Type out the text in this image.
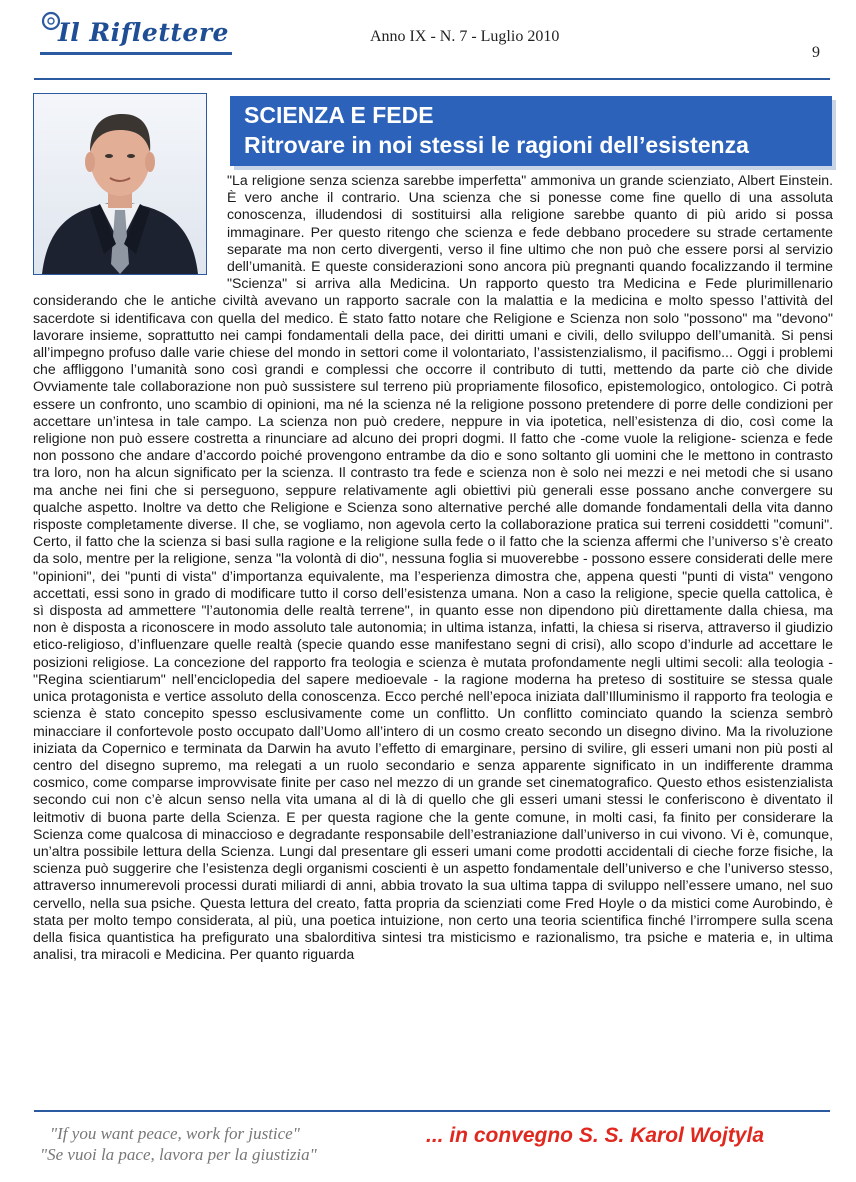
Il Riflettere	Anno IX - N. 7 - Luglio 2010
9
SCIENZA E FEDE
Ritrovare in noi stessi le ragioni dell’esistenza
"La religione senza scienza sarebbe imperfetta" ammoniva un grande scienziato, Albert Einstein. È vero anche il contrario. Una scienza che si ponesse come fine quello di una assoluta conoscenza, illudendosi di sostituirsi alla religione sarebbe quanto di più arido si possa immaginare. Per questo ritengo che scienza e fede debbano procedere su strade certamente separate ma non certo divergenti, verso il fine ultimo che non può che essere porsi al servizio dell’umanità. E queste considerazioni sono ancora più pregnanti quando focalizzando il termine "Scienza" si arriva alla Medicina. Un rapporto questo tra Medicina e Fede plurimillenario considerando che le antiche civiltà avevano un rapporto sacrale con la malattia e la medicina e molto spesso l’attività del sacerdote si identificava con quella del medico. È stato fatto notare che Religione e Scienza non solo "possono" ma "devono" lavorare insieme, soprattutto nei campi fondamentali della pace, dei diritti umani e civili, dello sviluppo dell’umanità. Si pensi all’impegno profuso dalle varie chiese del mondo in settori come il volontariato, l’assistenzialismo, il pacifismo... Oggi i problemi che affliggono l’umanità sono così grandi e complessi che occorre il contributo di tutti, mettendo da parte ciò che divide Ovviamente tale collaborazione non può sussistere sul terreno più propriamente filosofico, epistemologico, ontologico. Ci potrà essere un confronto, uno scambio di opinioni, ma né la scienza né la religione possono pretendere di porre delle condizioni per accettare un’intesa in tale campo. La scienza non può credere, neppure in via ipotetica, nell’esistenza di dio, così come la religione non può essere costretta a rinunciare ad alcuno dei propri dogmi. Il fatto che -come vuole la religione- scienza e fede non possono che andare d’accordo poiché provengono entrambe da dio e sono soltanto gli uomini che le mettono in contrasto tra loro, non ha alcun significato per la scienza. Il contrasto tra fede e scienza non è solo nei mezzi e nei metodi che si usano ma anche nei fini che si perseguono, seppure relativamente agli obiettivi più generali esse possano anche convergere su qualche aspetto. Inoltre va detto che Religione e Scienza sono alternative perché alle domande fondamentali della vita danno risposte completamente diverse. Il che, se vogliamo, non agevola certo la collaborazione pratica sui terreni cosiddetti "comuni". Certo, il fatto che la scienza si basi sulla ragione e la religione sulla fede o il fatto che la scienza affermi che l’universo s’è creato da solo, mentre per la religione, senza "la volontà di dio", nessuna foglia si muoverebbe - possono essere considerati delle mere "opinioni", dei "punti di vista" d’importanza equivalente, ma l’esperienza dimostra che, appena questi "punti di vista" vengono accettati, essi sono in grado di modificare tutto il corso dell’esistenza umana. Non a caso la religione, specie quella cattolica, è sì disposta ad ammettere "l’autonomia delle realtà terrene", in quanto esse non dipendono più direttamente dalla chiesa, ma non è disposta a riconoscere in modo assoluto tale autonomia; in ultima istanza, infatti, la chiesa si riserva, attraverso il giudizio etico-religioso, d’influenzare quelle realtà (specie quando esse manifestano segni di crisi), allo scopo d’indurle ad accettare le posizioni religiose. La concezione del rapporto fra teologia e scienza è mutata profondamente negli ultimi secoli: alla teologia - "Regina scientiarum" nell’enciclopedia del sapere medioevale - la ragione moderna ha preteso di sostituire se stessa quale unica protagonista e vertice assoluto della conoscenza. Ecco perché nell’epoca iniziata dall’Illuminismo il rapporto fra teologia e scienza è stato concepito spesso esclusivamente come un conflitto. Un conflitto cominciato quando la scienza sembrò minacciare il confortevole posto occupato dall’Uomo all’intero di un cosmo creato secondo un disegno divino. Ma la rivoluzione iniziata da Copernico e terminata da Darwin ha avuto l’effetto di emarginare, persino di svilire, gli esseri umani non più posti al centro del disegno supremo, ma relegati a un ruolo secondario e senza apparente significato in un indifferente dramma cosmico, come comparse improvvisate finite per caso nel mezzo di un grande set cinematografico. Questo ethos esistenzialista secondo cui non c’è alcun senso nella vita umana al di là di quello che gli esseri umani stessi le conferiscono è diventato il leitmotiv di buona parte della Scienza. E per questa ragione che la gente comune, in molti casi, fa finito per considerare la Scienza come qualcosa di minaccioso e degradante responsabile dell’estraniazione dall’universo in cui vivono. Vi è, comunque, un’altra possibile lettura della Scienza. Lungi dal presentare gli esseri umani come prodotti accidentali di cieche forze fisiche, la scienza può suggerire che l’esistenza degli organismi coscienti è un aspetto fondamentale dell’universo e che l’universo stesso, attraverso innumerevoli processi durati miliardi di anni, abbia trovato la sua ultima tappa di sviluppo nell’essere umano, nel suo cervello, nella sua psiche. Questa lettura del creato, fatta propria da scienziati come Fred Hoyle o da mistici come Aurobindo, è stata per molto tempo considerata, al più, una poetica intuizione, non certo una teoria scientifica finché l’irrompere sulla scena della fisica quantistica ha prefigurato una sbalorditiva sintesi tra misticismo e razionalismo, tra psiche e materia e, in ultima analisi, tra miracoli e Medicina. Per quanto riguarda
"If you want peace, work for justice"
"Se vuoi la pace, lavora per la giustizia"
... in convegno S. S. Karol Wojtyla
